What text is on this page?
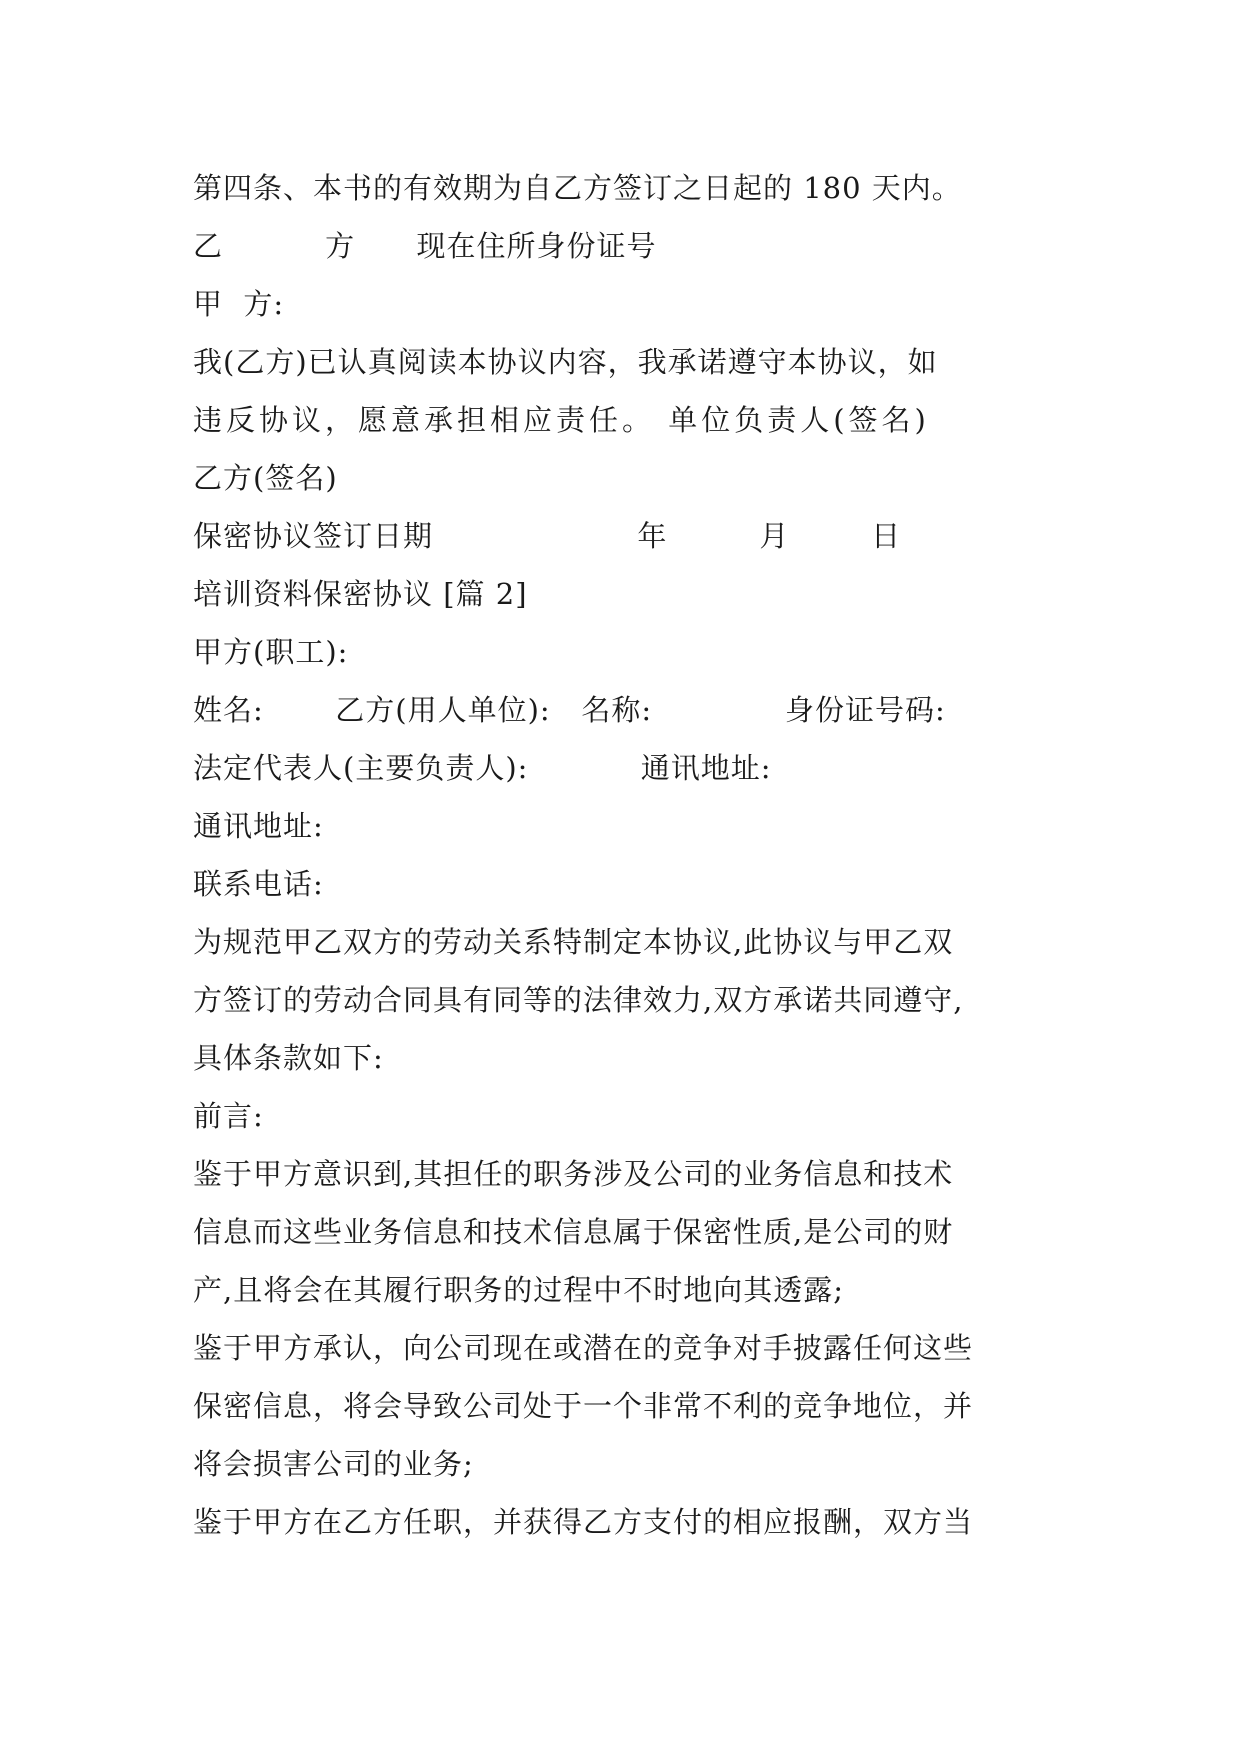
第四条、本书的有效期为自乙方签订之日起的 180 天内。
乙          方      现在住所身份证号
甲  方:
我(乙方)已认真阅读本协议内容，我承诺遵守本协议，如
违反协议，愿意承担相应责任。 单位负责人(签名)
乙方(签名)
保密协议签订日期                    年         月        日
培训资料保密协议 [篇 2]
甲方(职工):
姓名:       乙方(用人单位):   名称:             身份证号码:
法定代表人(主要负责人):           通讯地址:
通讯地址:
联系电话:
为规范甲乙双方的劳动关系特制定本协议,此协议与甲乙双
方签订的劳动合同具有同等的法律效力,双方承诺共同遵守,
具体条款如下:
前言:
鉴于甲方意识到,其担任的职务涉及公司的业务信息和技术
信息而这些业务信息和技术信息属于保密性质,是公司的财
产,且将会在其履行职务的过程中不时地向其透露;
鉴于甲方承认，向公司现在或潜在的竞争对手披露任何这些
保密信息，将会导致公司处于一个非常不利的竞争地位，并
将会损害公司的业务;
鉴于甲方在乙方任职，并获得乙方支付的相应报酬，双方当
